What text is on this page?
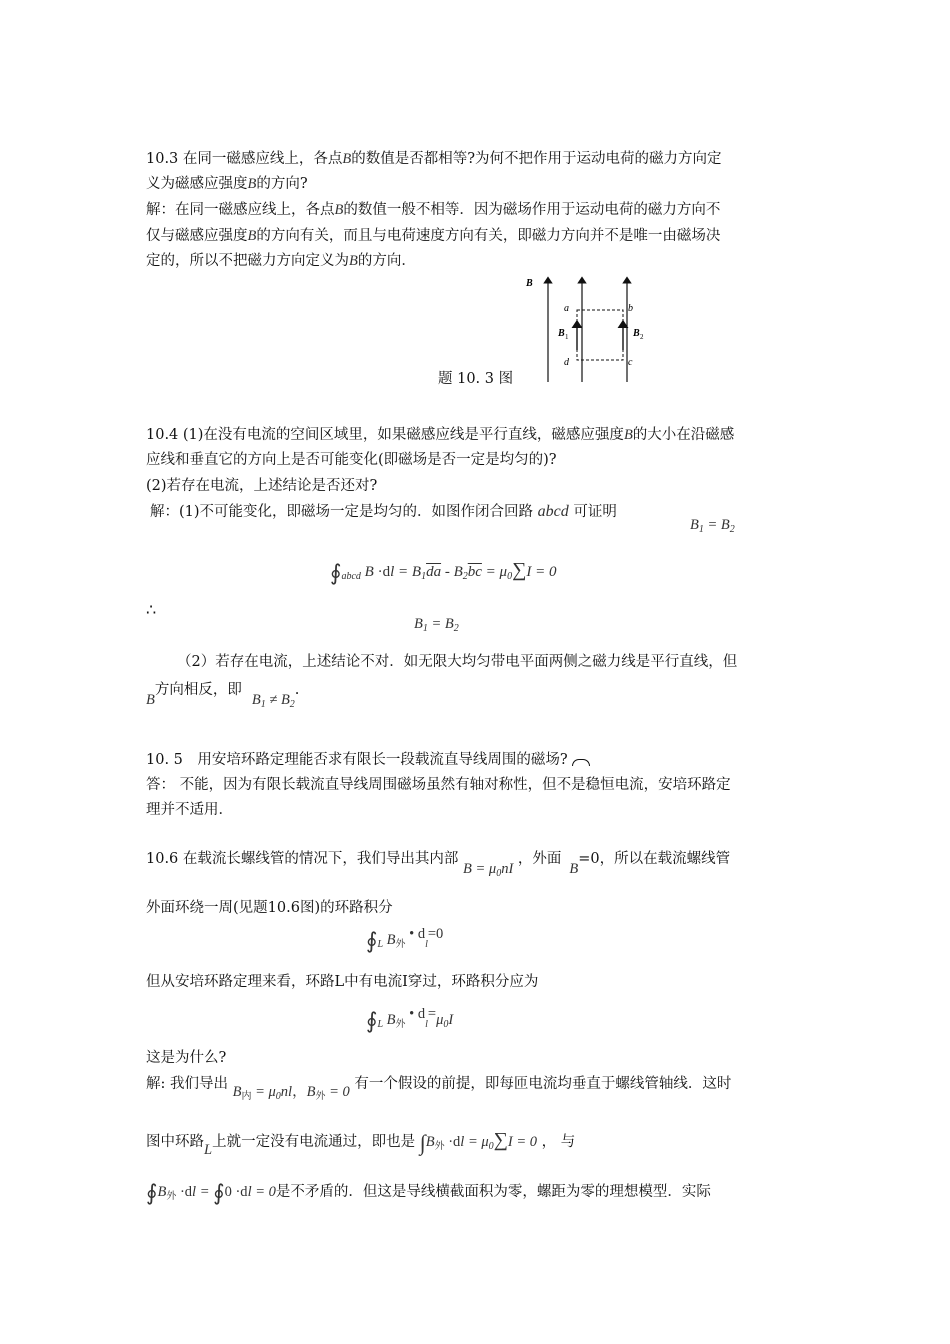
10.3 在同一磁感应线上，各点B的数值是否都相等?为何不把作用于运动电荷的磁力方向定
义为磁感应强度B的方向?
解：在同一磁感应线上，各点B的数值一般不相等．因为磁场作用于运动电荷的磁力方向不
仅与磁感应强度B的方向有关，而且与电荷速度方向有关，即磁力方向并不是唯一由磁场决
定的，所以不把磁力方向定义为B的方向．
B
a	b
c
d
B 1	B 2
题 10. 3 图
10.4 (1)在没有电流的空间区域里，如果磁感应线是平行直线，磁感应强度B的大小在沿磁感
应线和垂直它的方向上是否可能变化(即磁场是否一定是均匀的)?
(2)若存在电流，上述结论是否还对?
解：(1)不可能变化，即磁场一定是均匀的．如图作闭合回路 abcd 可证明
$B_1 = B_2$
$∮_{abcd}$ $B \cdot dl = B_1\overline{da} - B_2\overline{bc} = \mu_0\sum I = 0$
∴
$B_1 = B_2$
（2）若存在电流，上述结论不对．如无限大均匀带电平面两侧之磁力线是平行直线，但
B方向相反，即$B_1 \ne B_2$.
10. 5　用安培环路定理能否求有限长一段载流直导线周围的磁场?
答： 不能，因为有限长载流直导线周围磁场虽然有轴对称性，但不是稳恒电流，安培环路定
理并不适用．
10.6 在载流长螺线管的情况下，我们导出其内部 $B = \mu_0nI$ ，外面B=0，所以在载流螺线管
外面环绕一周(见题10.6图)的环路积分
$∮_L$ $B_外$ • $d_l=0$
但从安培环路定理来看，环路L中有电流I穿过，环路积分应为
$∮_L$ $B_外$ • $d_l=\mu_0I$
这是为什么?
解: 我们导出 $B_内 = \mu_0nl$，$B_外 = 0$ 有一个假设的前提，即每匝电流均垂直于螺线管轴线．这时
图中环路L上就一定没有电流通过，即也是 $\int B_外 \cdot dl = \mu_0\sum I = 0$ ， 与
$∮B_外 \cdot dl$ = ∮0 ·dl = 0是不矛盾的．但这是导线横截面积为零，螺距为零的理想模型．实际
